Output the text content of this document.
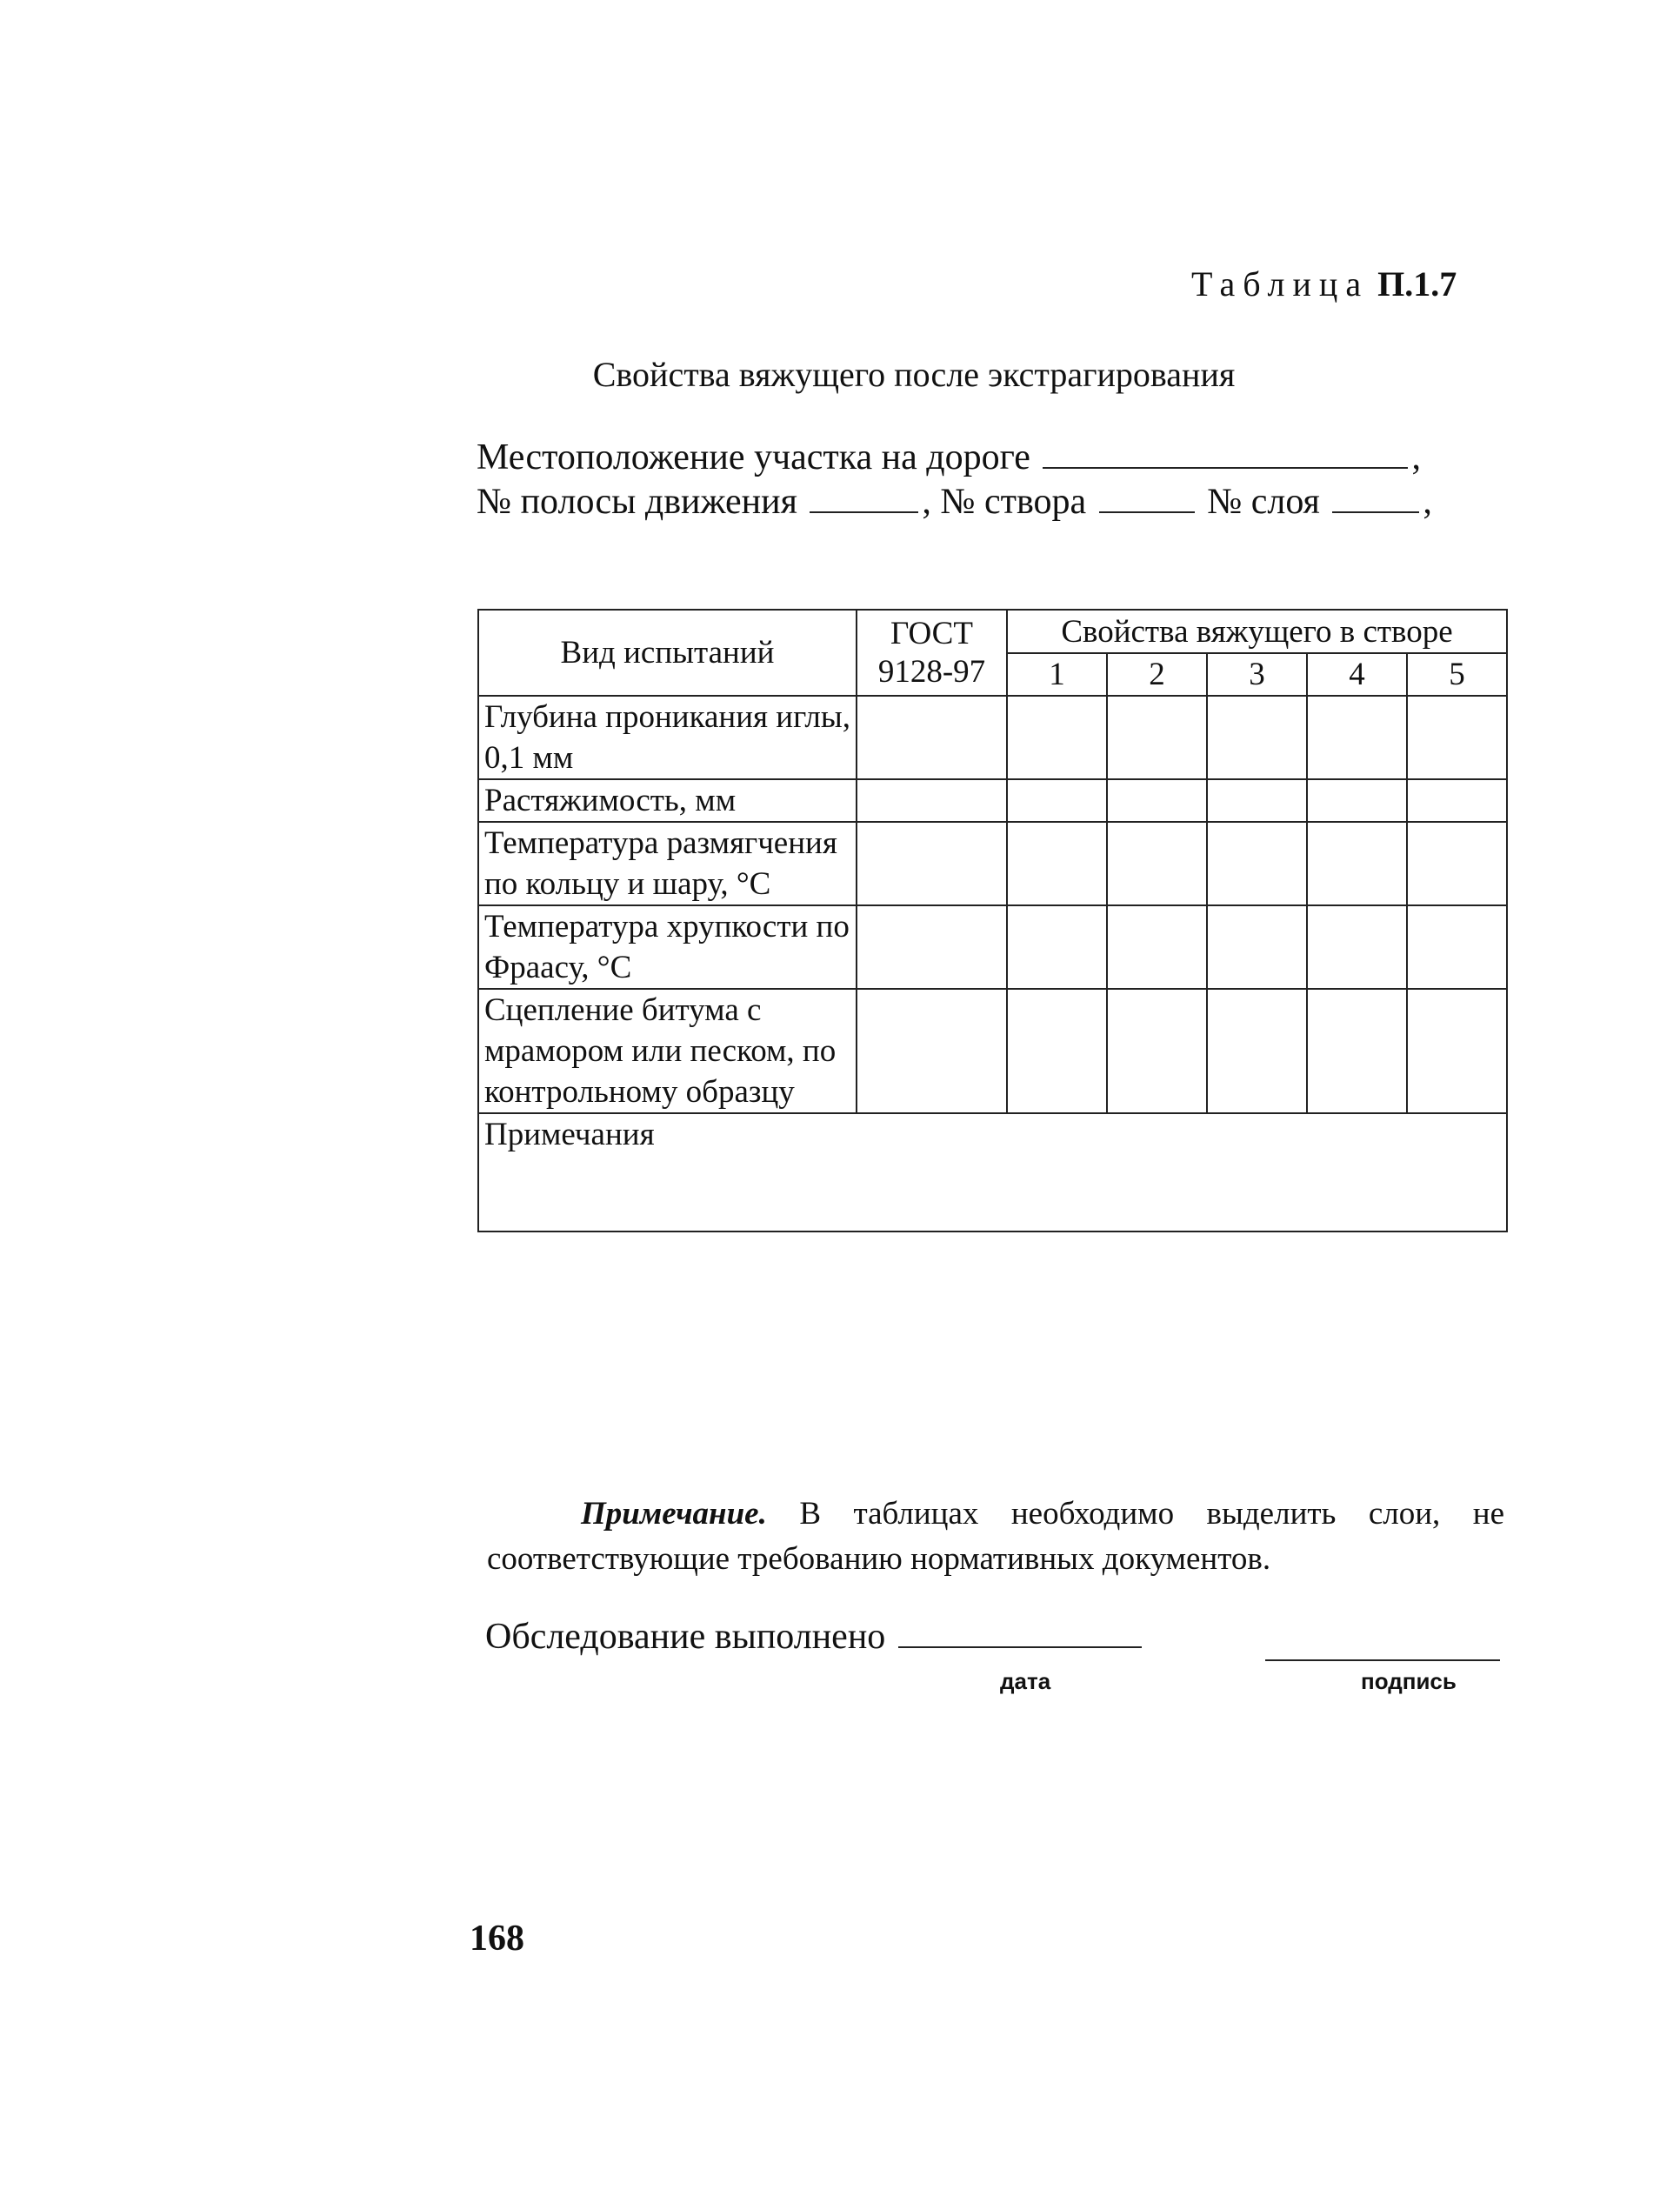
Таблица П.1.7
Свойства вяжущего после экстрагирования
Местоположение участка на дороге	,
№ полосы движения	, № створа	№ слоя	,
Вид испытаний	ГОСТ 9128-97	Свойства вяжущего в створе				
		1	2	3	4	5
Глубина проникания иглы, 0,1 мм						
Растяжимость, мм						
Температура размягчения по кольцу и шару, °С						
Температура хрупкости по Фраасу, °С						
Сцепление битума с мрамором или песком, по контрольному образцу						
Примечания						
Примечание. В таблицах необходимо выделить слои, не соответствующие требованию нормативных документов.
Обследование выполнено
дата	подпись
168
